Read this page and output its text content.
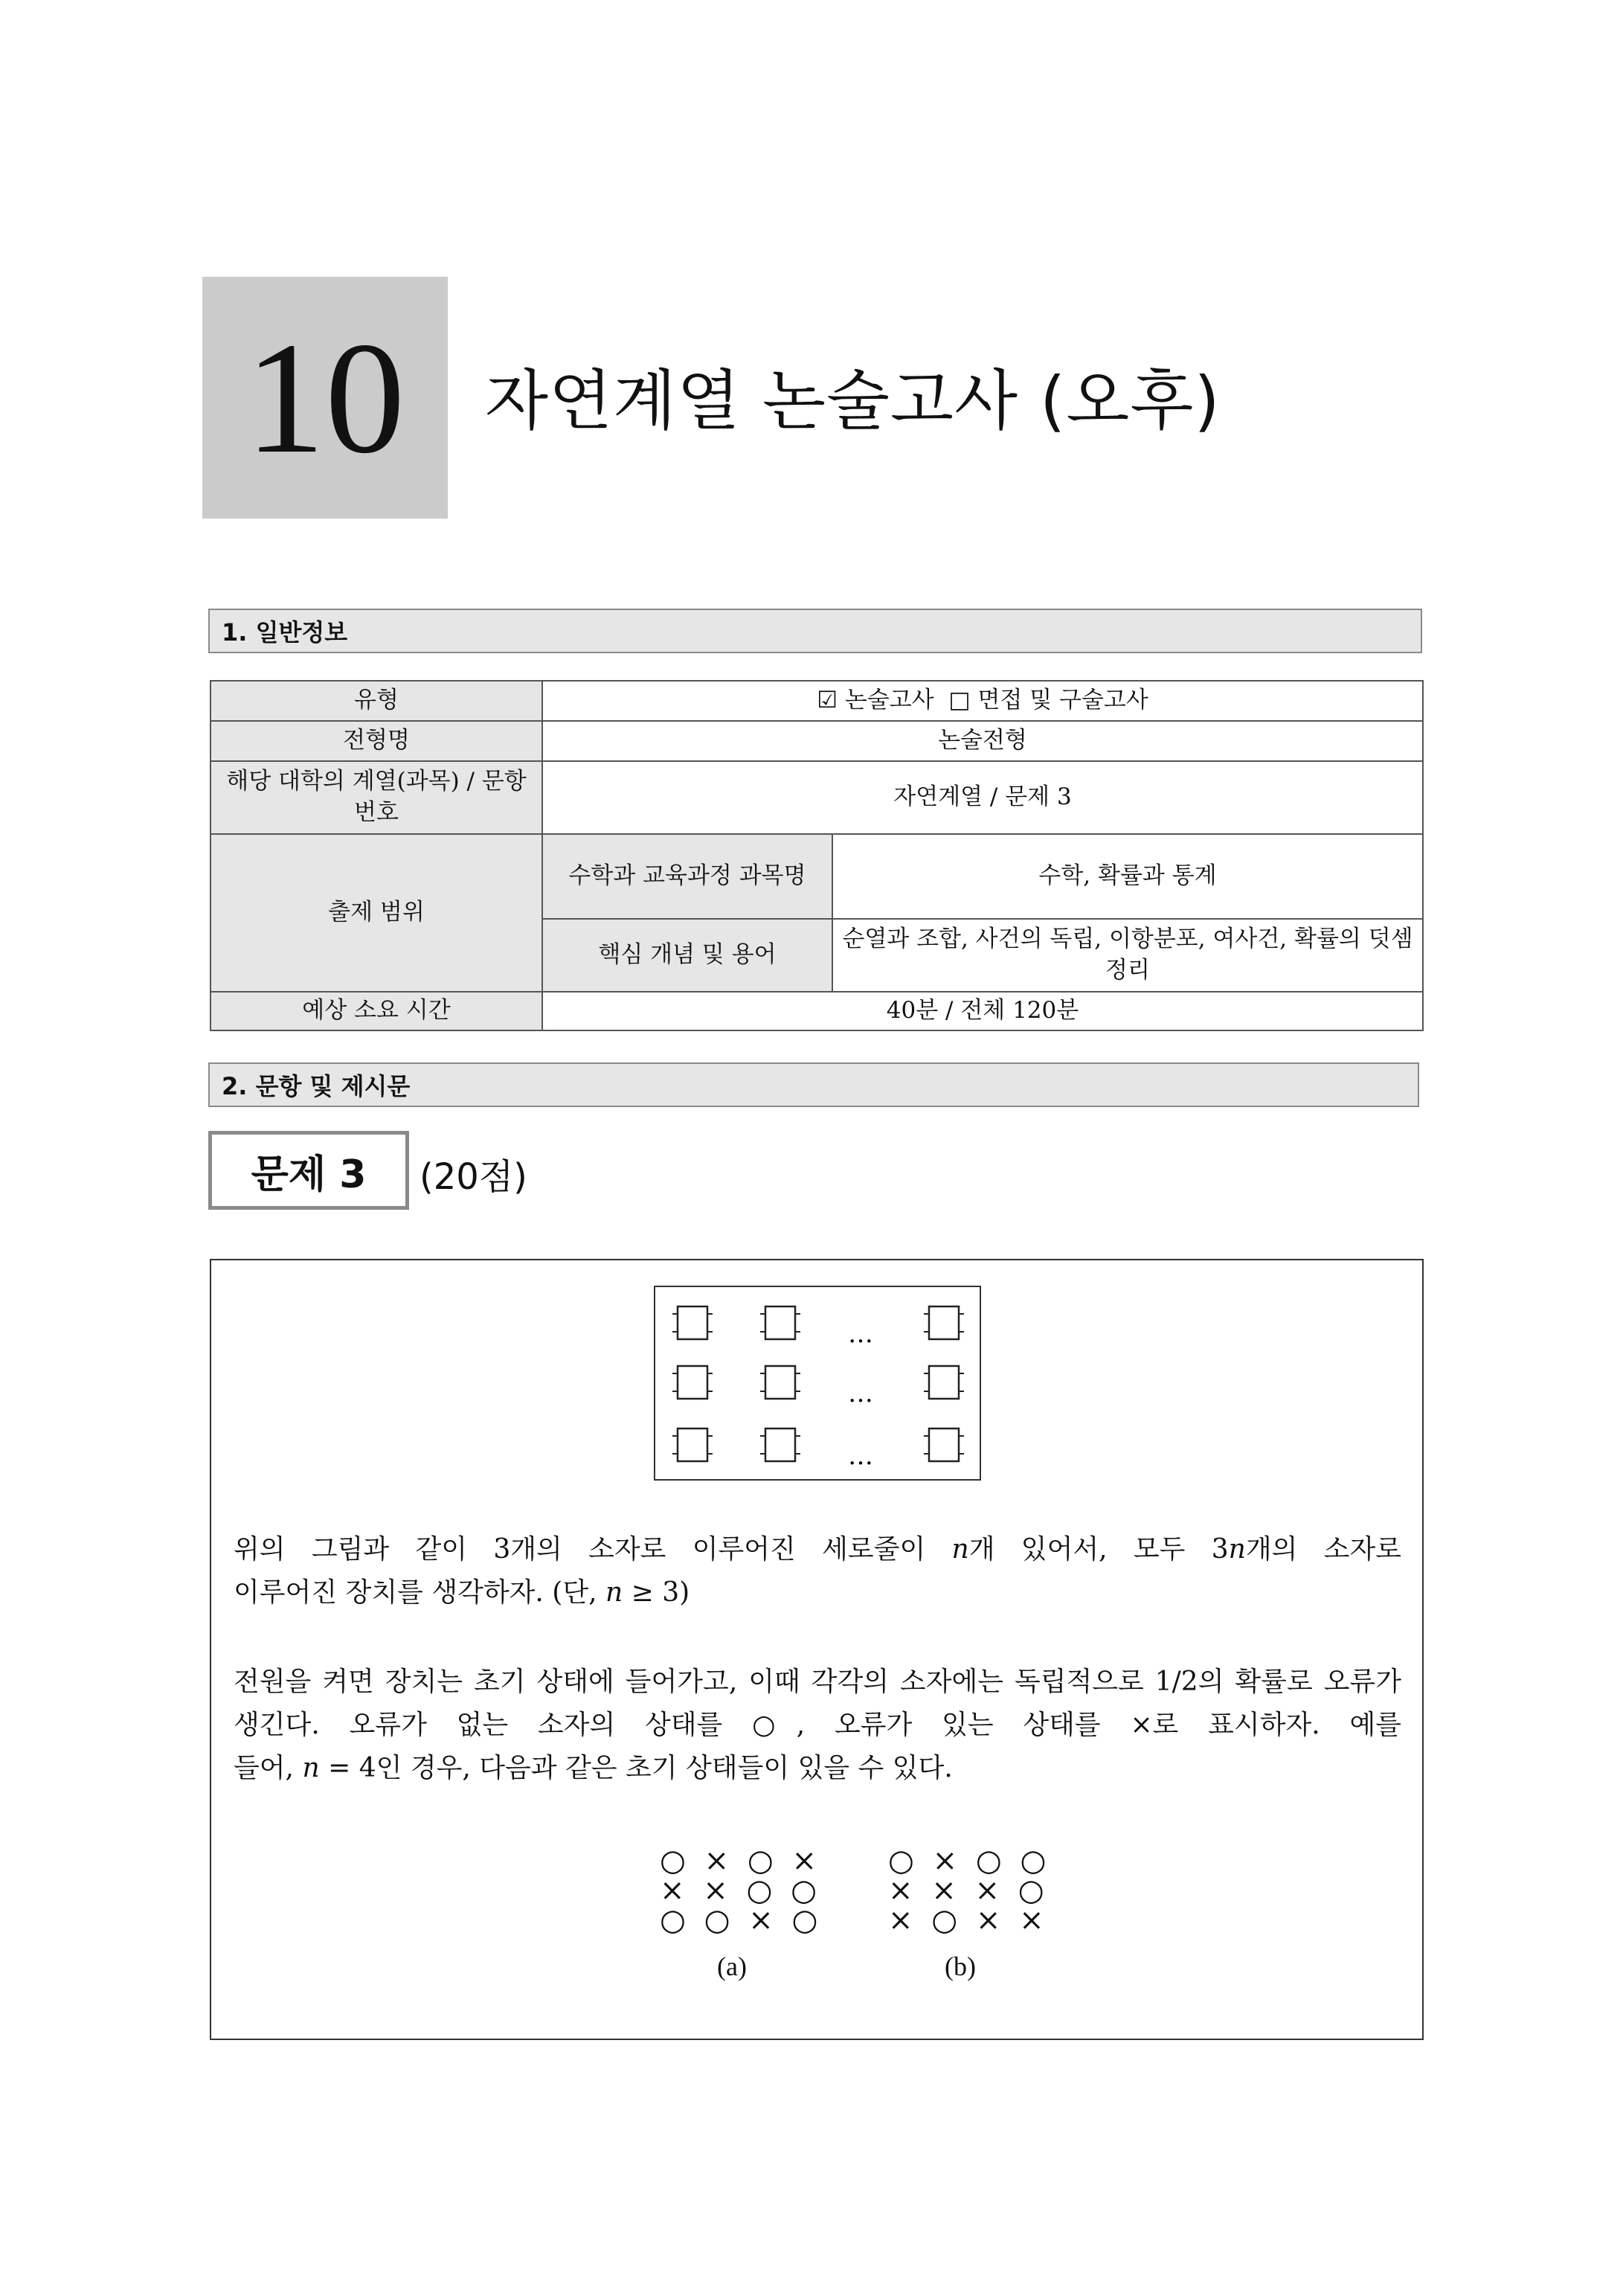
10 자연계열 논술고사 (오후)
1. 일반정보
유형	☑ 논술고사  □ 면접 및 구술고사	
전형명	논술전형	
해당 대학의 계열(과목) / 문항번호	자연계열 / 문제 3	
출제 범위	수학과 교육과정 과목명	수학, 확률과 통계
	핵심 개념 및 용어	순열과 조합, 사건의 독립, 이항분포, 여사건, 확률의 덧셈정리
예상 소요 시간	40분 / 전체 120분	
2. 문항 및 제시문
문제 3 (20점)
…
…
…
위의 그림과 같이 3개의 소자로 이루어진 세로줄이 n개 있어서, 모두 3n개의 소자로
이루어진 장치를 생각하자. (단, n ≥ 3)
전원을 켜면 장치는 초기 상태에 들어가고, 이때 각각의 소자에는 독립적으로 1/2의 확률로 오류가 생긴다. 오류가 없는 소자의 상태를 ○, 오류가 있는 상태를 ×로 표시하자. 예를
들어, n = 4인 경우, 다음과 같은 초기 상태들이 있을 수 있다.
○ × ○ ×
× × ○ ○
○ ○ × ○
(a)
○ × ○ ○
× × × ○
× ○ × ×
(b)
